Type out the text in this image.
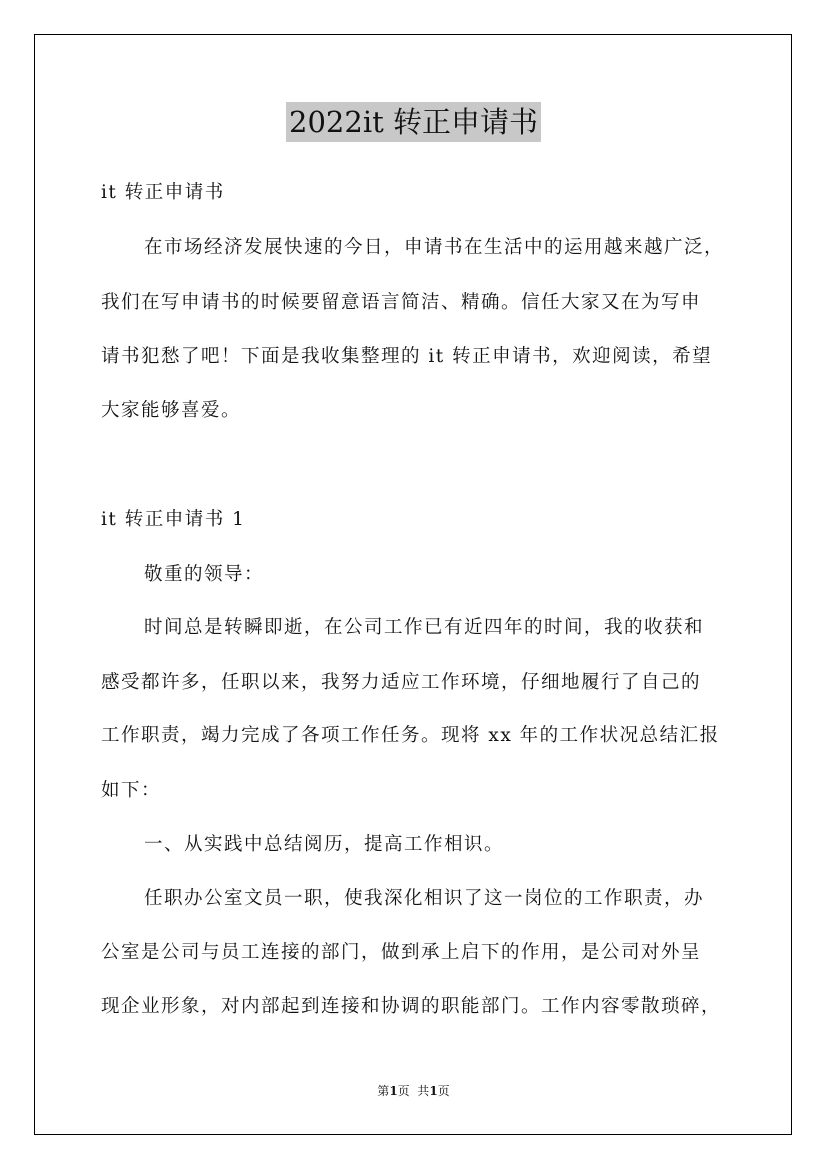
2022it 转正申请书
it 转正申请书
在市场经济发展快速的今日，申请书在生活中的运用越来越广泛，
我们在写申请书的时候要留意语言简洁、精确。信任大家又在为写申
请书犯愁了吧！下面是我收集整理的 it 转正申请书，欢迎阅读，希望
大家能够喜爱。
it 转正申请书 1
敬重的领导：
时间总是转瞬即逝，在公司工作已有近四年的时间，我的收获和
感受都许多，任职以来，我努力适应工作环境，仔细地履行了自己的
工作职责，竭力完成了各项工作任务。现将 xx 年的工作状况总结汇报
如下：
一、从实践中总结阅历，提高工作相识。
任职办公室文员一职，使我深化相识了这一岗位的工作职责，办
公室是公司与员工连接的部门，做到承上启下的作用，是公司对外呈
现企业形象，对内部起到连接和协调的职能部门。工作内容零散琐碎，
第1页  共1页
